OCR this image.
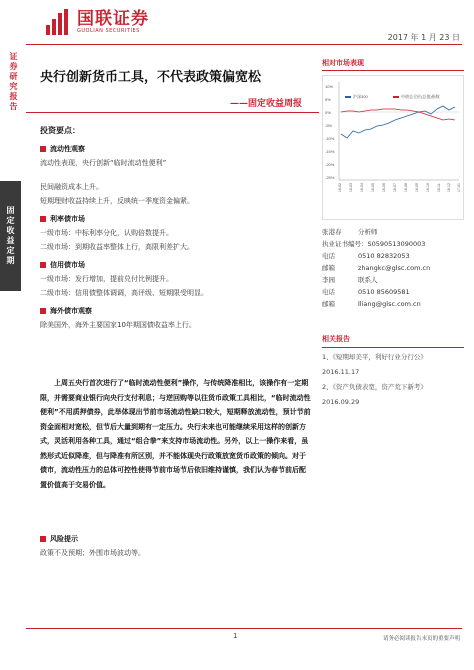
国联证券
GUOLIAN SECURITIES
2017 年 1 月 23 日
证券研究报告
固定收益定期
央行创新货币工具，不代表政策偏宽松
——固定收益周报
投资要点：
流动性观察
流动性表现，央行创新“临时流动性便利”
民间融资成本上升。
短期理财收益持续上升，反映统一季度资金偏紧。
利率债市场
一级市场：中标利率分化，认购倍数提升。
二级市场：到期收益率整体上行，高限利差扩大。
信用债市场
一级市场：发行增加，提前兑付比例提升。
二级市场：信用债整体调调，高评级、短期限受明显。
海外债市观察
除美国外，海外主要国家10年期国债收益率上行。
相对市场表现
10%
5%
0%
-5%
-10%
-15%
-20%
-25%
沪深300	中债总全价(总值)指数
16-02 16-03 16-04 16-05 16-06 16-07 16-08 16-09 16-10 16-11 16-12 17-01
张港春	分析师
执业证书编号： S0590513090003
电话	0510 82832053
邮箱	zhangkc@glsc.com.cn
李园	联系人
电话	0510 85609581
邮箱	lliang@glsc.com.cn
相关报告
1、《短期却美平，利好行业分行公》
2016.11.17
2、《资产负债表宽，资产荒下新考》
2016.09.29
上周五央行首次进行了“临时流动性便利”操作，与传统降准相比，该操作有一定期限，并需要商业银行向央行支付利息；与逆回购等以往货币政策工具相比，“临时流动性便利”不用质押债券，此举体现出节前市场流动性缺口较大，短期释放流动性，预计节前资金面相对宽松，但节后大量到期有一定压力。央行未来也可能继续采用这样的创新方式，灵活利用各种工具，通过“组合拳”来支持市场流动性。另外，以上一操作来看，虽然形式近似降准，但与降准有所区别，并不能体现央行政策放宽货币政策的倾向。对于债市，流动性压力的总体可控性使得节前市场节后依旧维持谨慎，我们认为春节前后配置价值高于交易价值。
风险提示
政策不及预期；外围市场波动等。
1	请务必阅读报告末页的重要声明
